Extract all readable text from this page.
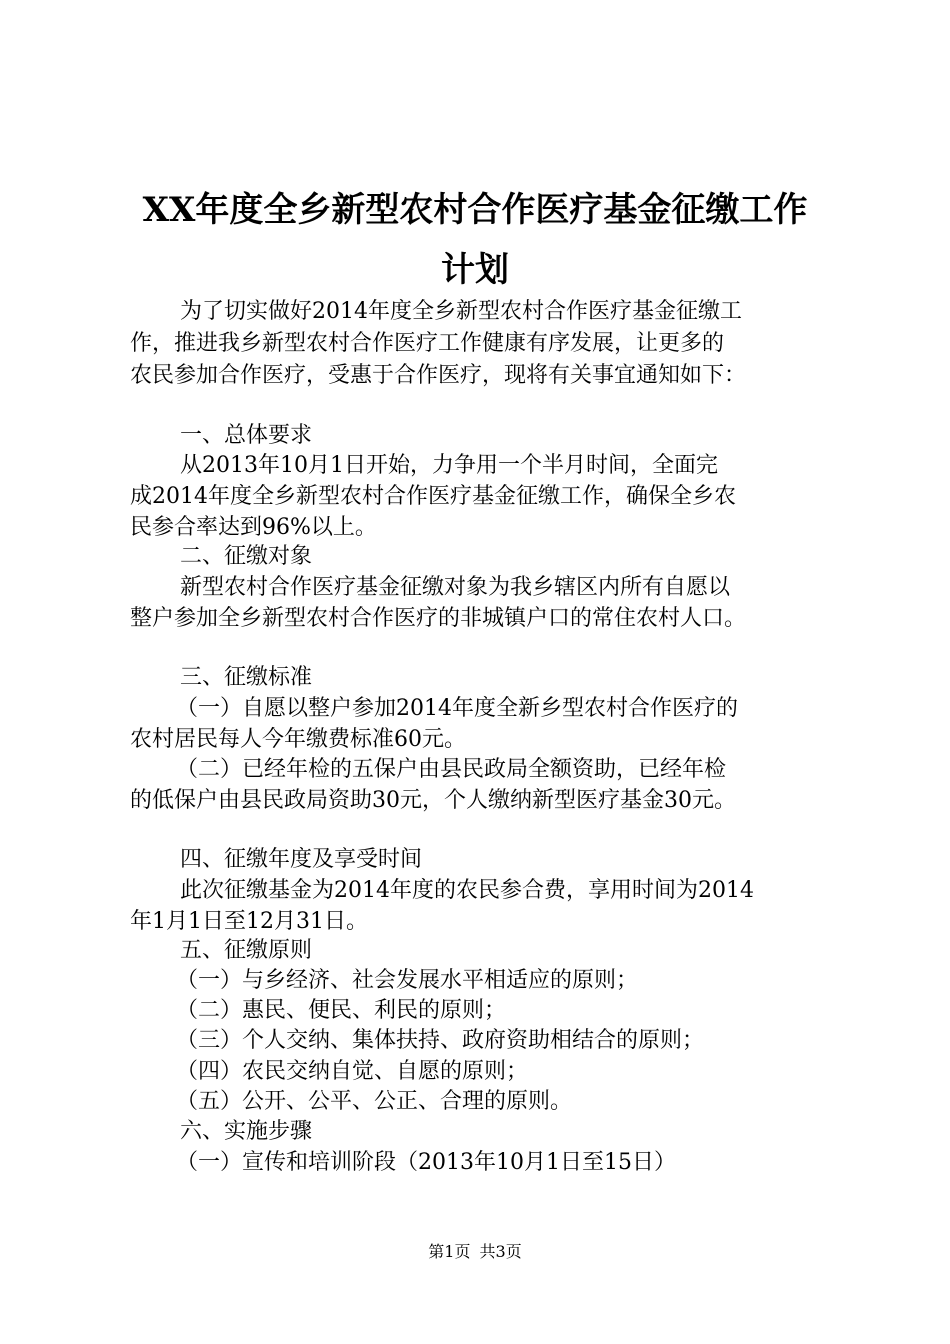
XX年度全乡新型农村合作医疗基金征缴工作
计划
为了切实做好2014年度全乡新型农村合作医疗基金征缴工
作，推进我乡新型农村合作医疗工作健康有序发展，让更多的
农民参加合作医疗，受惠于合作医疗，现将有关事宜通知如下：
一、总体要求
从2013年10月1日开始，力争用一个半月时间，全面完
成2014年度全乡新型农村合作医疗基金征缴工作，确保全乡农
民参合率达到96%以上。
二、征缴对象
新型农村合作医疗基金征缴对象为我乡辖区内所有自愿以
整户参加全乡新型农村合作医疗的非城镇户口的常住农村人口。
三、征缴标准
（一）自愿以整户参加2014年度全新乡型农村合作医疗的
农村居民每人今年缴费标准60元。
（二）已经年检的五保户由县民政局全额资助，已经年检
的低保户由县民政局资助30元，个人缴纳新型医疗基金30元。
四、征缴年度及享受时间
此次征缴基金为2014年度的农民参合费，享用时间为2014
年1月1日至12月31日。
五、征缴原则
（一）与乡经济、社会发展水平相适应的原则；
（二）惠民、便民、利民的原则；
（三）个人交纳、集体扶持、政府资助相结合的原则；
（四）农民交纳自觉、自愿的原则；
（五）公开、公平、公正、合理的原则。
六、实施步骤
（一）宣传和培训阶段（2013年10月1日至15日）
第1页 共3页
